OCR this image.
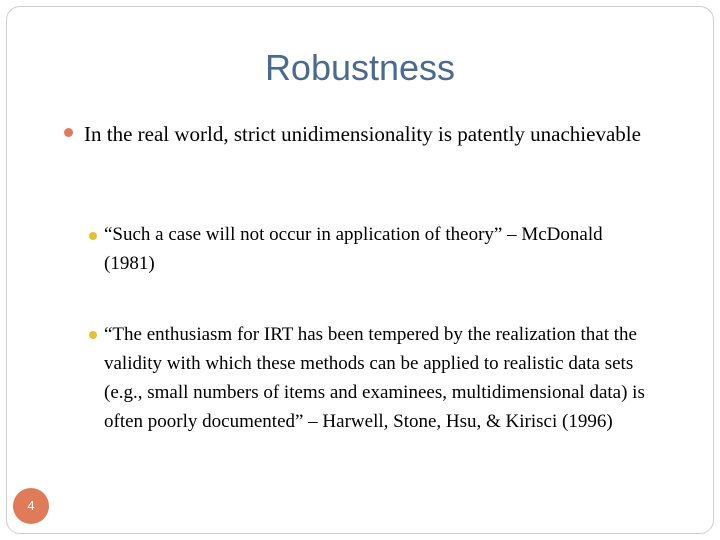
Robustness
In the real world, strict unidimensionality is patently unachievable
“Such a case will not occur in application of theory” – McDonald (1981)
“The enthusiasm for IRT has been tempered by the realization that the validity with which these methods can be applied to realistic data sets (e.g., small numbers of items and examinees, multidimensional data) is often poorly documented” – Harwell, Stone, Hsu, & Kirisci (1996)
4
